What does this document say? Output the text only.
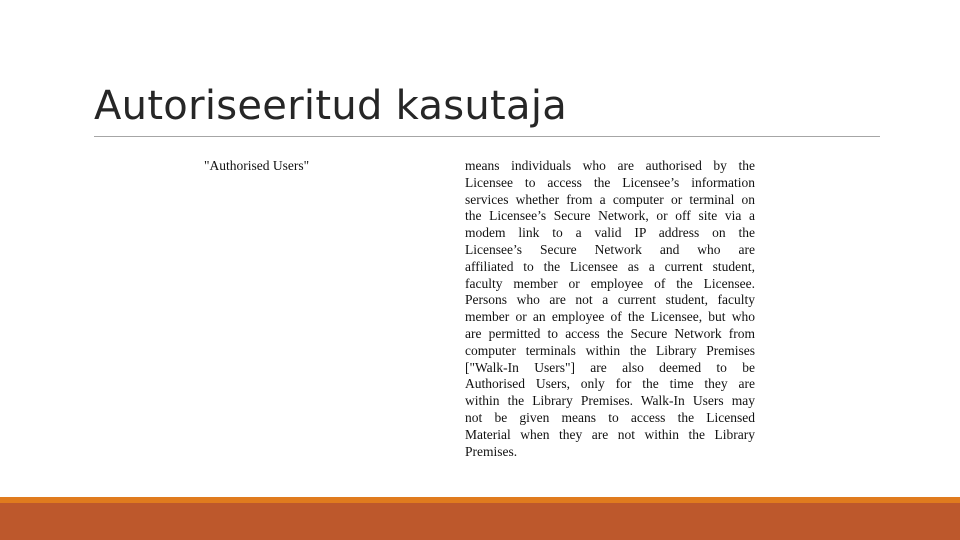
Autoriseeritud kasutaja
"Authorised Users"	means individuals who are authorised by the
Licensee to access the Licensee’s information
services whether from a computer or terminal on
the Licensee’s Secure Network, or off site via a
modem link to a valid IP address on the
Licensee’s Secure Network and who are
affiliated to the Licensee as a current student,
faculty member or employee of the Licensee.
Persons who are not a current student, faculty
member or an employee of the Licensee, but who
are permitted to access the Secure Network from
computer terminals within the Library Premises
["Walk-In Users"] are also deemed to be
Authorised Users, only for the time they are
within the Library Premises. Walk-In Users may
not be given means to access the Licensed
Material when they are not within the Library
Premises.
